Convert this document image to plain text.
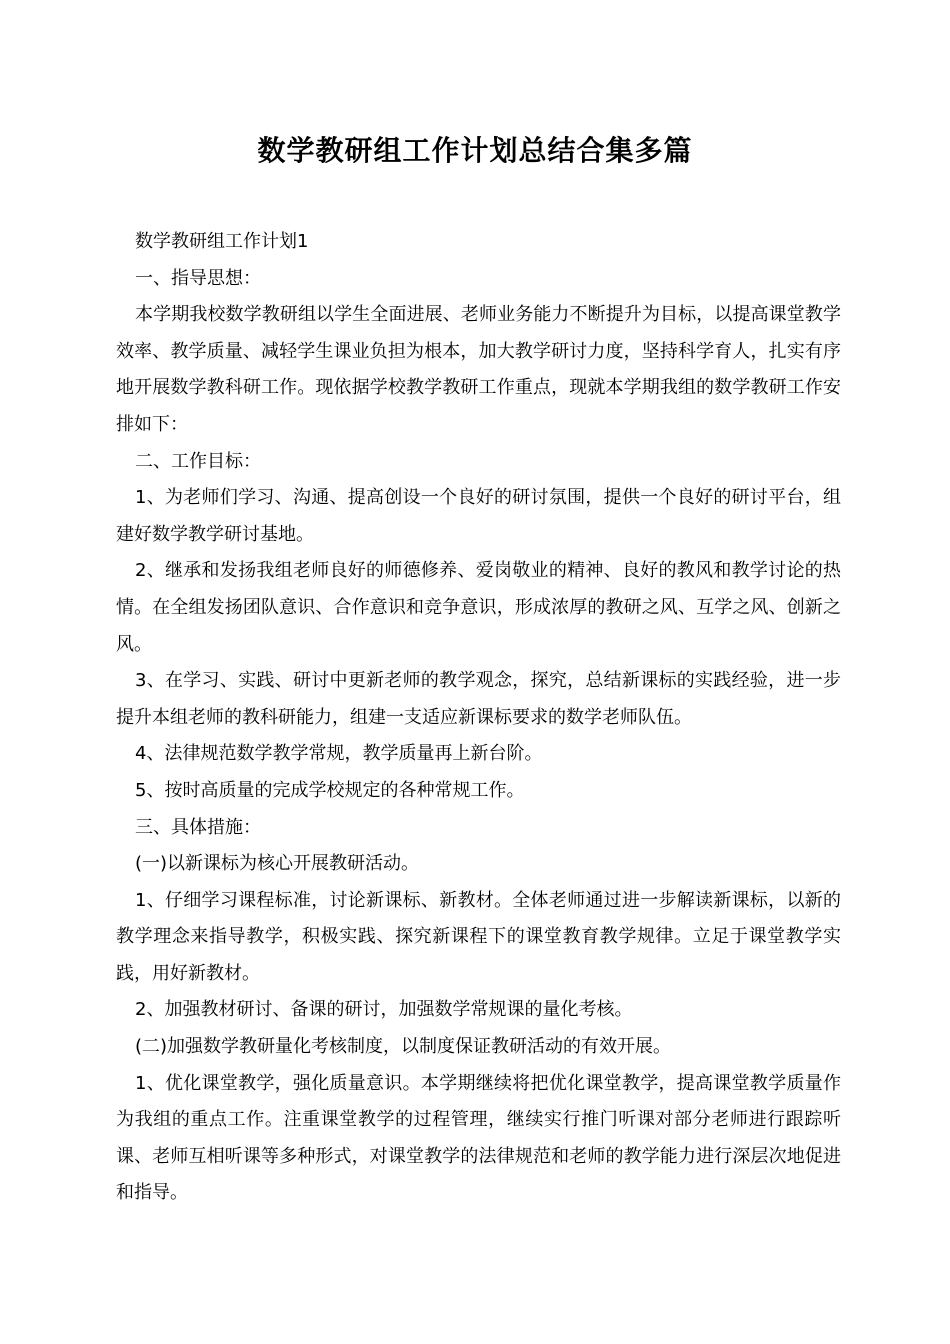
数学教研组工作计划总结合集多篇

数学教研组工作计划1

一、指导思想：

本学期我校数学教研组以学生全面进展、老师业务能力不断提升为目标，以提高课堂教学效率、教学质量、减轻学生课业负担为根本，加大教学研讨力度，坚持科学育人，扎实有序地开展数学教科研工作。现依据学校教学教研工作重点，现就本学期我组的数学教研工作安排如下：

二、工作目标：

1、为老师们学习、沟通、提高创设一个良好的研讨氛围，提供一个良好的研讨平台，组建好数学教学研讨基地。

2、继承和发扬我组老师良好的师德修养、爱岗敬业的精神、良好的教风和教学讨论的热情。在全组发扬团队意识、合作意识和竞争意识，形成浓厚的教研之风、互学之风、创新之风。

3、在学习、实践、研讨中更新老师的教学观念，探究，总结新课标的实践经验，进一步提升本组老师的教科研能力，组建一支适应新课标要求的数学老师队伍。

4、法律规范数学教学常规，教学质量再上新台阶。

5、按时高质量的完成学校规定的各种常规工作。

三、具体措施：

(一)以新课标为核心开展教研活动。

1、仔细学习课程标准，讨论新课标、新教材。全体老师通过进一步解读新课标，以新的教学理念来指导教学，积极实践、探究新课程下的课堂教育教学规律。立足于课堂教学实践，用好新教材。

2、加强教材研讨、备课的研讨，加强数学常规课的量化考核。

(二)加强数学教研量化考核制度，以制度保证教研活动的有效开展。

1、优化课堂教学，强化质量意识。本学期继续将把优化课堂教学，提高课堂教学质量作为我组的重点工作。注重课堂教学的过程管理，继续实行推门听课对部分老师进行跟踪听课、老师互相听课等多种形式，对课堂教学的法律规范和老师的教学能力进行深层次地促进和指导。
